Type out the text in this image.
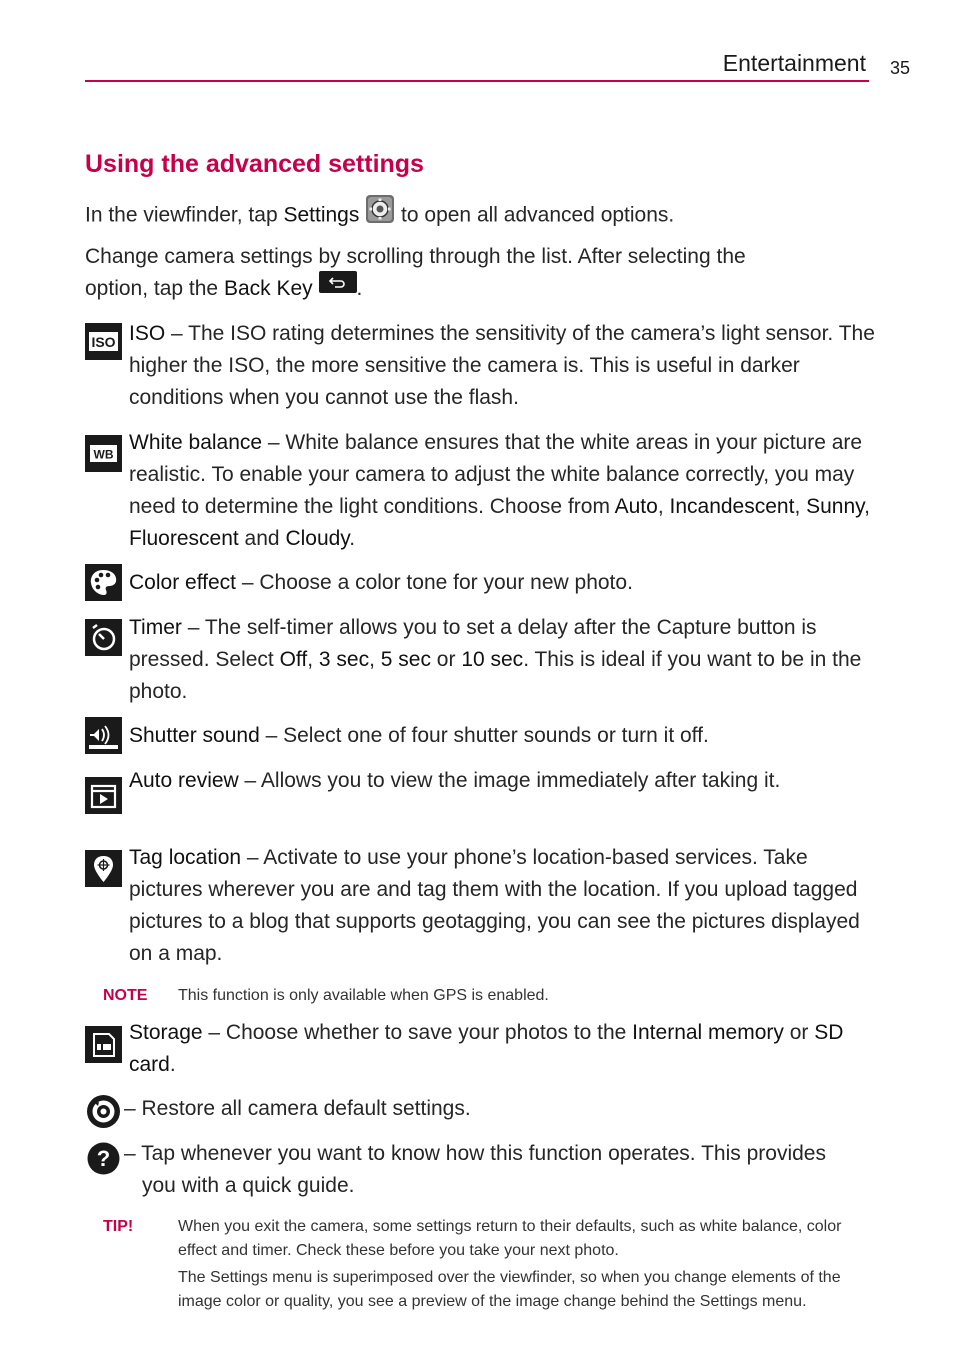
Entertainment 35
Using the advanced settings
In the viewfinder, tap Settings  to open all advanced options.
Change camera settings by scrolling through the list. After selecting the
option, tap the Back Key .
ISO ISO – The ISO rating determines the sensitivity of the camera’s light sensor. The higher the ISO, the more sensitive the camera is. This is useful in darker conditions when you cannot use the flash.
WB
White balance – White balance ensures that the white areas in your picture are realistic. To enable your camera to adjust the white balance correctly, you may need to determine the light conditions. Choose from Auto, Incandescent, Sunny, Fluorescent and Cloudy.
Color effect – Choose a color tone for your new photo.
Timer – The self-timer allows you to set a delay after the Capture button is pressed. Select Off, 3 sec, 5 sec or 10 sec. This is ideal if you want to be in the photo.
Shutter sound – Select one of four shutter sounds or turn it off.
Auto review – Allows you to view the image immediately after taking it.
Tag location – Activate to use your phone’s location-based services. Take pictures wherever you are and tag them with the location. If you upload tagged pictures to a blog that supports geotagging, you can see the pictures displayed on a map.
NOTE This function is only available when GPS is enabled.
Storage – Choose whether to save your photos to the Internal memory or SD card.
– Restore all camera default settings.
? – Tap whenever you want to know how this function operates. This provides you with a quick guide.
TIP!	When you exit the camera, some settings return to their defaults, such as white balance, color effect and timer. Check these before you take your next photo.
The Settings menu is superimposed over the viewfinder, so when you change elements of the image color or quality, you see a preview of the image change behind the Settings menu.
